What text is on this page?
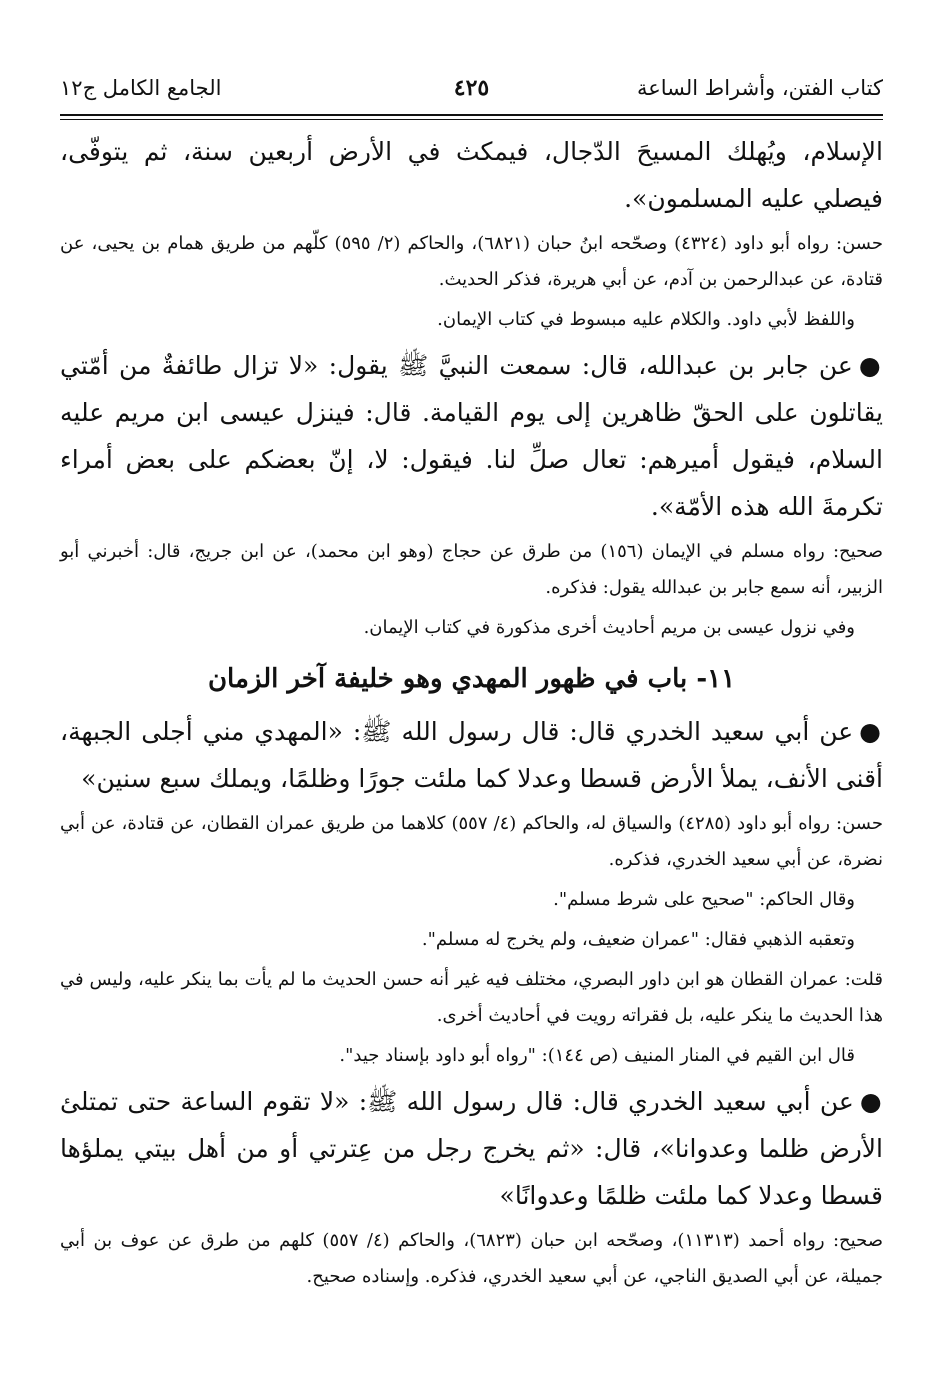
كتاب الفتن، وأشراط الساعة
٤٢٥
الجامع الكامل ج١٢

الإسلام، ويُهلك المسيحَ الدّجال، فيمكث في الأرض أربعين سنة، ثم يتوفّى، فيصلي عليه المسلمون».

حسن: رواه أبو داود (٤٣٢٤) وصحّحه ابنُ حبان (٦٨٢١)، والحاكم (٢/ ٥٩٥) كلّهم من طريق همام بن يحيى، عن قتادة، عن عبدالرحمن بن آدم، عن أبي هريرة، فذكر الحديث.

واللفظ لأبي داود. والكلام عليه مبسوط في كتاب الإيمان.

●عن جابر بن عبدالله، قال: سمعت النبيَّ ﷺ يقول: «لا تزال طائفةٌ من أمّتي يقاتلون على الحقّ ظاهرين إلى يوم القيامة. قال: فينزل عيسى ابن مريم عليه السلام، فيقول أميرهم: تعال صلِّ لنا. فيقول: لا، إنّ بعضكم على بعض أمراء تكرمةَ الله هذه الأمّة».

صحيح: رواه مسلم في الإيمان (١٥٦) من طرق عن حجاج (وهو ابن محمد)، عن ابن جريج، قال: أخبرني أبو الزبير، أنه سمع جابر بن عبدالله يقول: فذكره.

وفي نزول عيسى بن مريم أحاديث أخرى مذكورة في كتاب الإيمان.

١١- باب في ظهور المهدي وهو خليفة آخر الزمان

●عن أبي سعيد الخدري قال: قال رسول الله ﷺ: «المهدي مني أجلى الجبهة، أقنى الأنف، يملأ الأرض قسطا وعدلا كما ملئت جورًا وظلمًا، ويملك سبع سنين»

حسن: رواه أبو داود (٤٢٨٥) والسياق له، والحاكم (٤/ ٥٥٧) كلاهما من طريق عمران القطان، عن قتادة، عن أبي نضرة، عن أبي سعيد الخدري، فذكره.

وقال الحاكم: "صحيح على شرط مسلم".

وتعقبه الذهبي فقال: "عمران ضعيف، ولم يخرج له مسلم".

قلت: عمران القطان هو ابن داور البصري، مختلف فيه غير أنه حسن الحديث ما لم يأت بما ينكر عليه، وليس في هذا الحديث ما ينكر عليه، بل فقراته رويت في أحاديث أخرى.

قال ابن القيم في المنار المنيف (ص ١٤٤): "رواه أبو داود بإسناد جيد".

●عن أبي سعيد الخدري قال: قال رسول الله ﷺ: «لا تقوم الساعة حتى تمتلئ الأرض ظلما وعدوانا»، قال: «ثم يخرج رجل من عِترتي أو من أهل بيتي يملؤها قسطا وعدلا كما ملئت ظلمًا وعدوانًا»

صحيح: رواه أحمد (١١٣١٣)، وصحّحه ابن حبان (٦٨٢٣)، والحاكم (٤/ ٥٥٧) كلهم من طرق عن عوف بن أبي جميلة، عن أبي الصديق الناجي، عن أبي سعيد الخدري، فذكره. وإسناده صحيح.
